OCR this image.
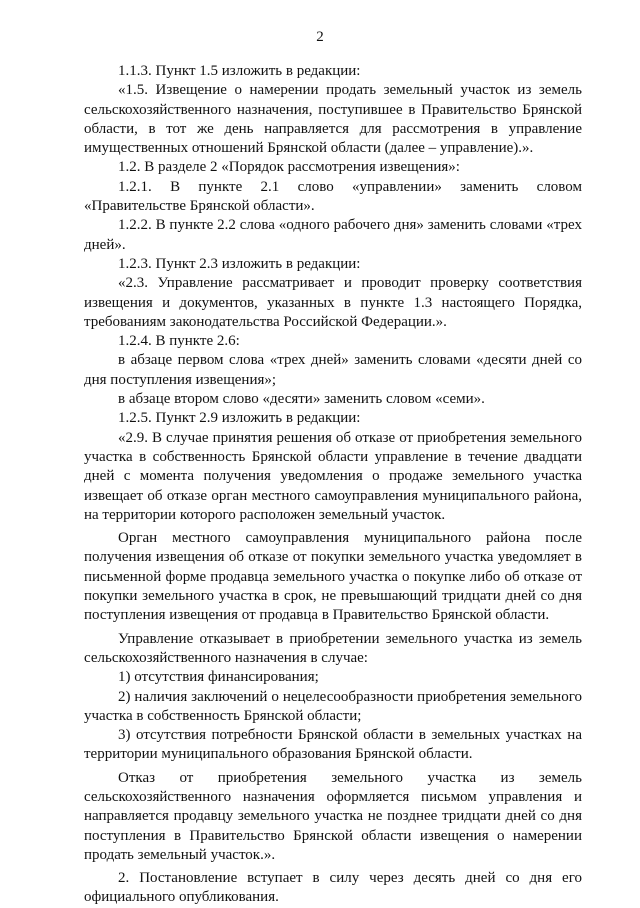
2

1.1.3. Пункт 1.5 изложить в редакции:

«1.5. Извещение о намерении продать земельный участок из земель сельскохозяйственного назначения, поступившее в Правительство Брянской области, в тот же день направляется для рассмотрения в управление имущественных отношений Брянской области (далее – управление).».

1.2. В разделе 2 «Порядок рассмотрения извещения»:

1.2.1. В пункте 2.1 слово «управлении» заменить словом «Правительстве Брянской области».

1.2.2. В пункте 2.2 слова «одного рабочего дня» заменить словами «трех дней».

1.2.3. Пункт 2.3 изложить в редакции:

«2.3. Управление рассматривает и проводит проверку соответствия извещения и документов, указанных в пункте 1.3 настоящего Порядка, требованиям законодательства Российской Федерации.».

1.2.4. В пункте 2.6:

в абзаце первом слова «трех дней» заменить словами «десяти дней со дня поступления извещения»;

в абзаце втором слово «десяти» заменить словом «семи».

1.2.5. Пункт 2.9 изложить в редакции:

«2.9. В случае принятия решения об отказе от приобретения земельного участка в собственность Брянской области управление в течение двадцати дней с момента получения уведомления о продаже земельного участка извещает об отказе орган местного самоуправления муниципального района, на территории которого расположен земельный участок.

Орган местного самоуправления муниципального района после получения извещения об отказе от покупки земельного участка уведомляет в письменной форме продавца земельного участка о покупке либо об отказе от покупки земельного участка в срок, не превышающий тридцати дней со дня поступления извещения от продавца в Правительство Брянской области.

Управление отказывает в приобретении земельного участка из земель сельскохозяйственного назначения в случае:

1) отсутствия финансирования;

2) наличия заключений о нецелесообразности приобретения земельного участка в собственность Брянской области;

3) отсутствия потребности Брянской области в земельных участках на территории муниципального образования Брянской области.

Отказ от приобретения земельного участка из земель сельскохозяйственного назначения оформляется письмом управления и направляется продавцу земельного участка не позднее тридцати дней со дня поступления в Правительство Брянской области извещения о намерении продать земельный участок.».

2. Постановление вступает в силу через десять дней со дня его официального опубликования.
